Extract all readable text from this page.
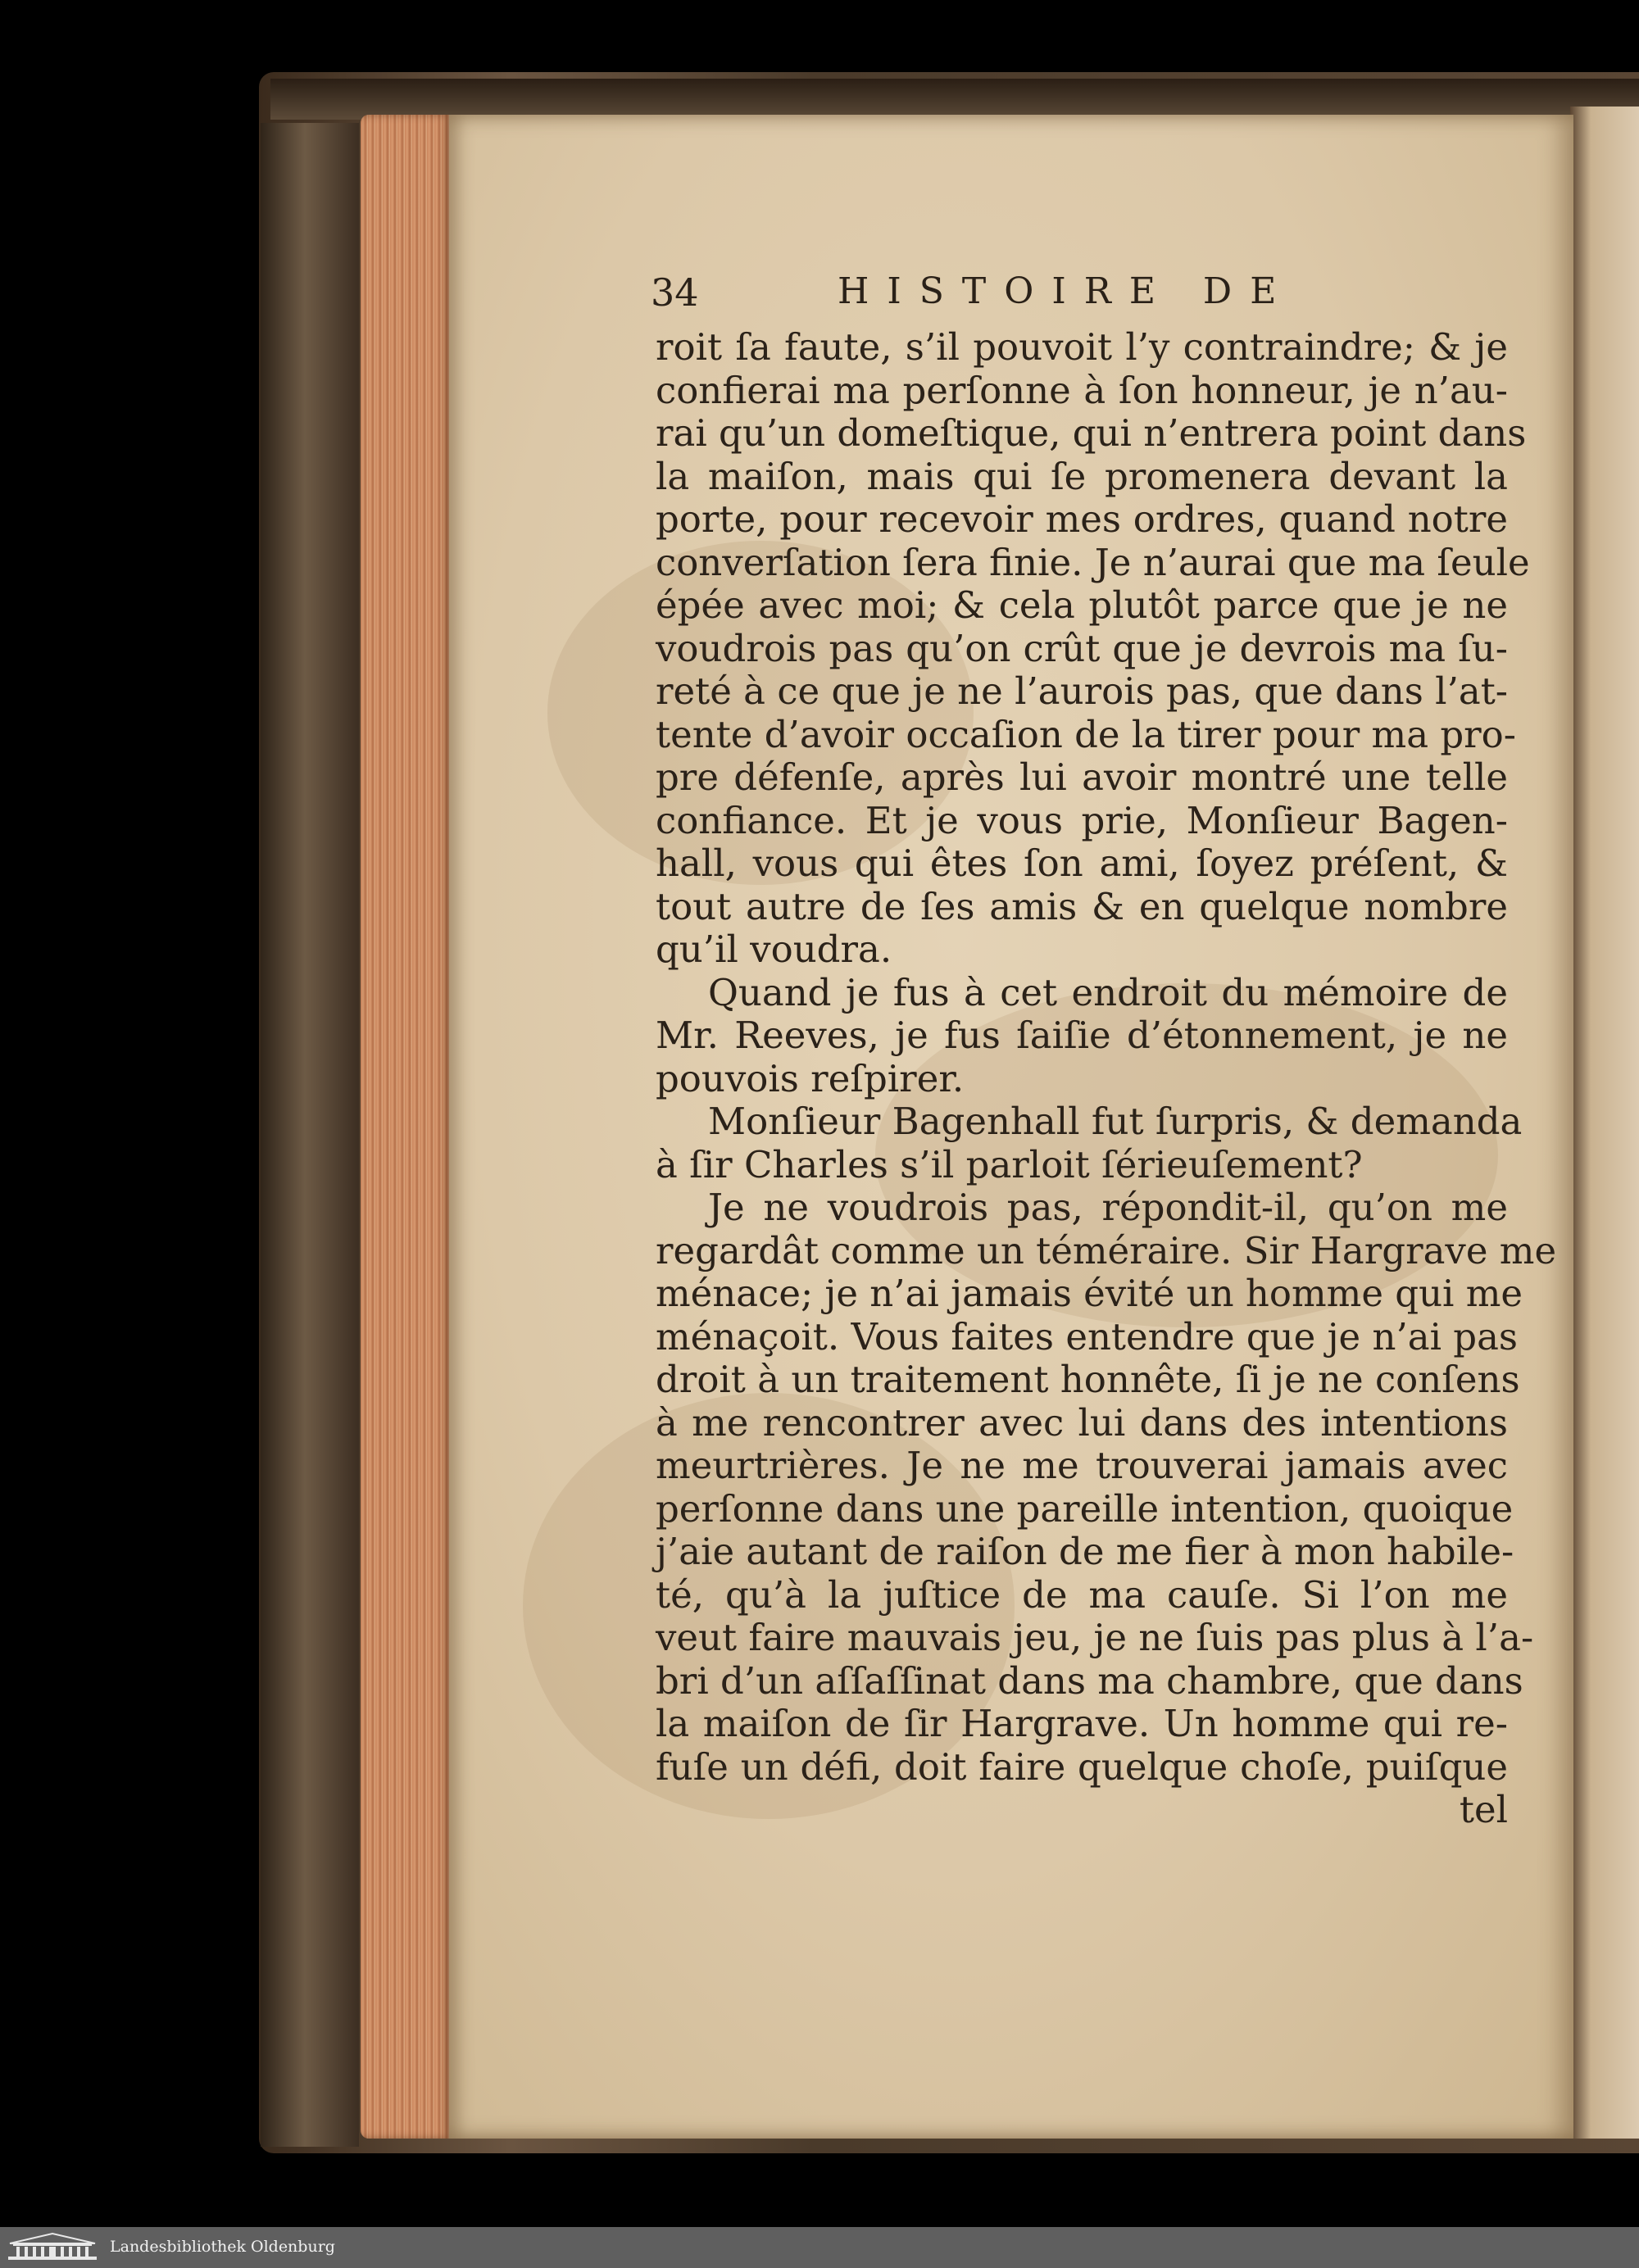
34	HISTOIRE DE
roit ſa faute, s’il pouvoit l’y contraindre; & je
confierai ma perſonne à ſon honneur, je n’au-
rai qu’un domeſtique, qui n’entrera point dans
la maiſon, mais qui ſe promenera devant la
porte, pour recevoir mes ordres, quand notre
converſation ſera finie. Je n’aurai que ma ſeule
épée avec moi; & cela plutôt parce que je ne
voudrois pas qu’on crût que je devrois ma ſu-
reté à ce que je ne l’aurois pas, que dans l’at-
tente d’avoir occaſion de la tirer pour ma pro-
pre défenſe, après lui avoir montré une telle
confiance. Et je vous prie, Monſieur Bagen-
hall, vous qui êtes ſon ami, ſoyez préſent, &
tout autre de ſes amis & en quelque nombre
qu’il voudra.
Quand je fus à cet endroit du mémoire de
Mr. Reeves, je fus ſaiſie d’étonnement, je ne
pouvois reſpirer.
Monſieur Bagenhall fut ſurpris, & demanda
à ſir Charles s’il parloit ſérieuſement?
Je ne voudrois pas, répondit-il, qu’on me
regardât comme un téméraire. Sir Hargrave me
ménace; je n’ai jamais évité un homme qui me
ménaçoit. Vous faites entendre que je n’ai pas
droit à un traitement honnête, ſi je ne conſens
à me rencontrer avec lui dans des intentions
meurtrières. Je ne me trouverai jamais avec
perſonne dans une pareille intention, quoique
j’aie autant de raiſon de me fier à mon habile-
té, qu’à la juſtice de ma cauſe. Si l’on me
veut faire mauvais jeu, je ne ſuis pas plus à l’a-
bri d’un aſſaſſinat dans ma chambre, que dans
la maiſon de ſir Hargrave. Un homme qui re-
fuſe un défi, doit faire quelque choſe, puiſque
tel
Landesbibliothek Oldenburg
